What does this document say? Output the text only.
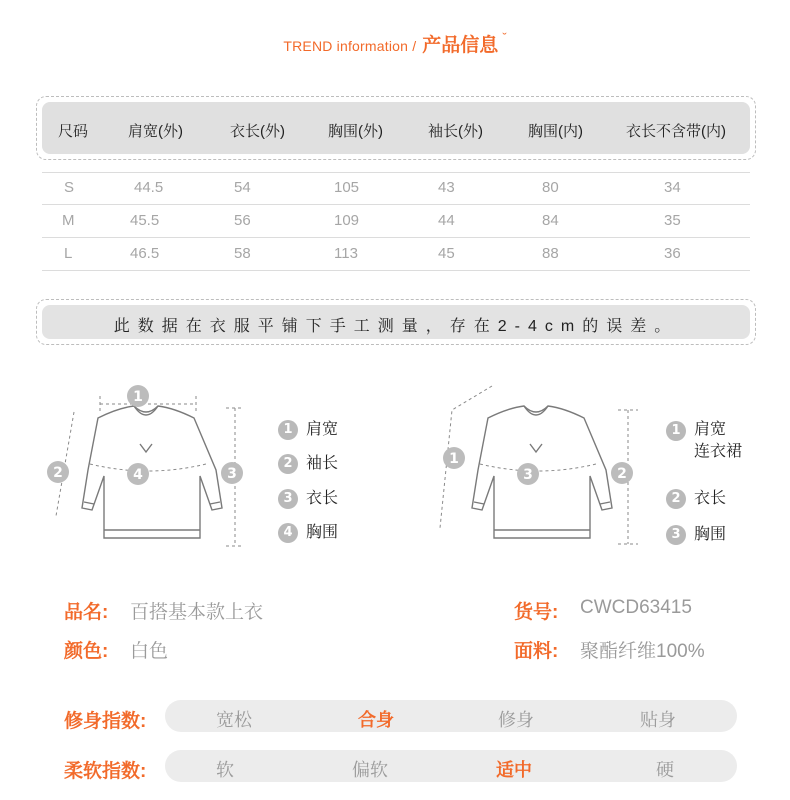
TREND information / 产品信息 $^ˇ$
尺码	肩宽(外)	衣长(外)	胸围(外)	袖长(外)	胸围(内)	衣长不含带(内)
S	44.5	54	105	43	80	34
M	45.5	56	109	44	84	35
L	46.5	58	113	45	88	36
此数据在衣服平铺下手工测量，存在2-4cm的误差。
1
2	4	3
1 肩宽
2 袖长
3 衣长
4 胸围
1
3	2
1 肩宽
连衣裙
2 衣长
3 胸围
品名: 百搭基本款上衣
颜色: 白色
货号: CWCD63415
面料: 聚酯纤维100%
修身指数:	宽松	合身	修身	贴身
柔软指数:	软	偏软	适中	硬
